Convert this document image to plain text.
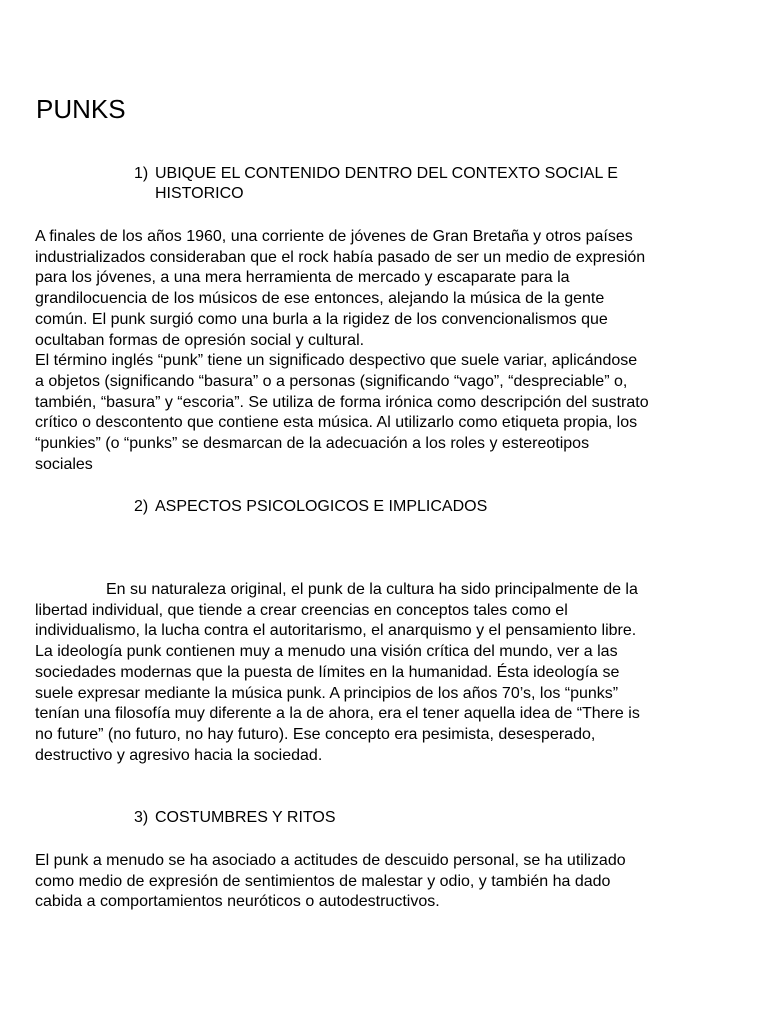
PUNKS
1) UBIQUE EL CONTENIDO DENTRO DEL CONTEXTO SOCIAL E
HISTORICO

A finales de los años 1960, una corriente de jóvenes de Gran Bretaña y otros países
industrializados consideraban que el rock había pasado de ser un medio de expresión
para los jóvenes, a una mera herramienta de mercado y escaparate para la
grandilocuencia de los músicos de ese entonces, alejando la música de la gente
común. El punk surgió como una burla a la rigidez de los convencionalismos que
ocultaban formas de opresión social y cultural.
El término inglés “punk” tiene un significado despectivo que suele variar, aplicándose
a objetos (significando “basura” o a personas (significando “vago”, “despreciable” o,
también, “basura” y “escoria”. Se utiliza de forma irónica como descripción del sustrato
crítico o descontento que contiene esta música. Al utilizarlo como etiqueta propia, los
“punkies” (o “punks” se desmarcan de la adecuación a los roles y estereotipos
sociales

2) ASPECTOS PSICOLOGICOS E IMPLICADOS

En su naturaleza original, el punk de la cultura ha sido principalmente de la
libertad individual, que tiende a crear creencias en conceptos tales como el
individualismo, la lucha contra el autoritarismo, el anarquismo y el pensamiento libre.
La ideología punk contienen muy a menudo una visión crítica del mundo, ver a las
sociedades modernas que la puesta de límites en la humanidad. Ésta ideología se
suele expresar mediante la música punk. A principios de los años 70’s, los “punks”
tenían una filosofía muy diferente a la de ahora, era el tener aquella idea de “There is
no future” (no futuro, no hay futuro). Ese concepto era pesimista, desesperado,
destructivo y agresivo hacia la sociedad.

3) COSTUMBRES Y RITOS

El punk a menudo se ha asociado a actitudes de descuido personal, se ha utilizado
como medio de expresión de sentimientos de malestar y odio, y también ha dado
cabida a comportamientos neuróticos o autodestructivos.
